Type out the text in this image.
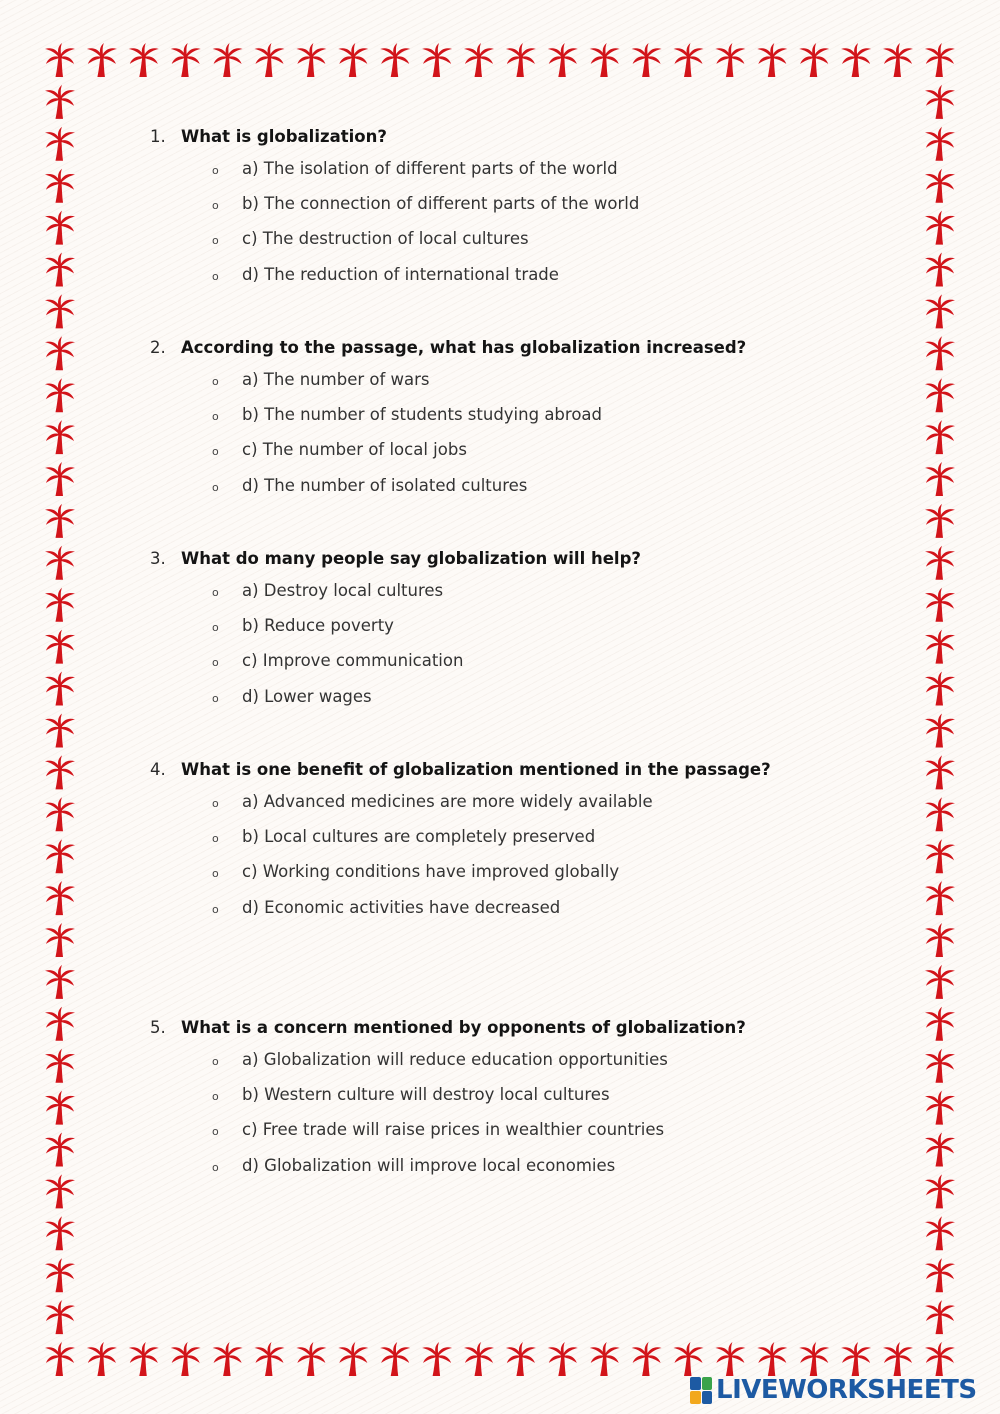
1. What is globalization?
o a) The isolation of different parts of the world
o b) The connection of different parts of the world
o c) The destruction of local cultures
o d) The reduction of international trade
2. According to the passage, what has globalization increased?
o a) The number of wars
o b) The number of students studying abroad
o c) The number of local jobs
o d) The number of isolated cultures
3. What do many people say globalization will help?
o a) Destroy local cultures
o b) Reduce poverty
o c) Improve communication
o d) Lower wages
4. What is one benefit of globalization mentioned in the passage?
o a) Advanced medicines are more widely available
o b) Local cultures are completely preserved
o c) Working conditions have improved globally
o d) Economic activities have decreased
5. What is a concern mentioned by opponents of globalization?
o a) Globalization will reduce education opportunities
o b) Western culture will destroy local cultures
o c) Free trade will raise prices in wealthier countries
o d) Globalization will improve local economies
LIVEWORKSHEETS
